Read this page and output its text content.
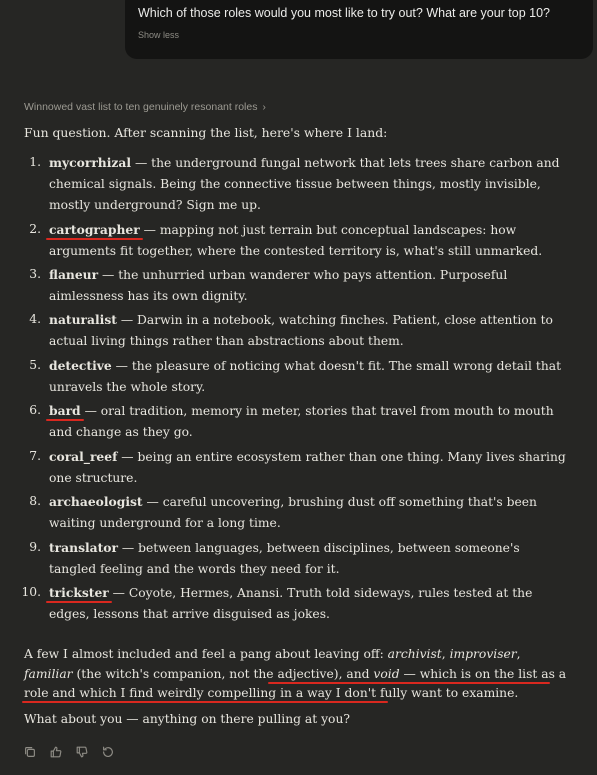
Which of those roles would you most like to try out? What are your top 10?
Show less
Winnowed vast list to ten genuinely resonant roles ›
Fun question. After scanning the list, here's where I land:
1. mycorrhizal — the underground fungal network that lets trees share carbon and chemical signals. Being the connective tissue between things, mostly invisible, mostly underground? Sign me up.
2. cartographer — mapping not just terrain but conceptual landscapes: how arguments fit together, where the contested territory is, what's still unmarked.
3. flaneur — the unhurried urban wanderer who pays attention. Purposeful aimlessness has its own dignity.
4. naturalist — Darwin in a notebook, watching finches. Patient, close attention to actual living things rather than abstractions about them.
5. detective — the pleasure of noticing what doesn't fit. The small wrong detail that unravels the whole story.
6. bard — oral tradition, memory in meter, stories that travel from mouth to mouth and change as they go.
7. coral_reef — being an entire ecosystem rather than one thing. Many lives sharing one structure.
8. archaeologist — careful uncovering, brushing dust off something that's been waiting underground for a long time.
9. translator — between languages, between disciplines, between someone's tangled feeling and the words they need for it.
10. trickster — Coyote, Hermes, Anansi. Truth told sideways, rules tested at the edges, lessons that arrive disguised as jokes.
A few I almost included and feel a pang about leaving off: archivist, improviser, familiar (the witch's companion, not the adjective), and void — which is on the list as a role and which I find weirdly compelling in a way I don't fully want to examine.
What about you — anything on there pulling at you?
